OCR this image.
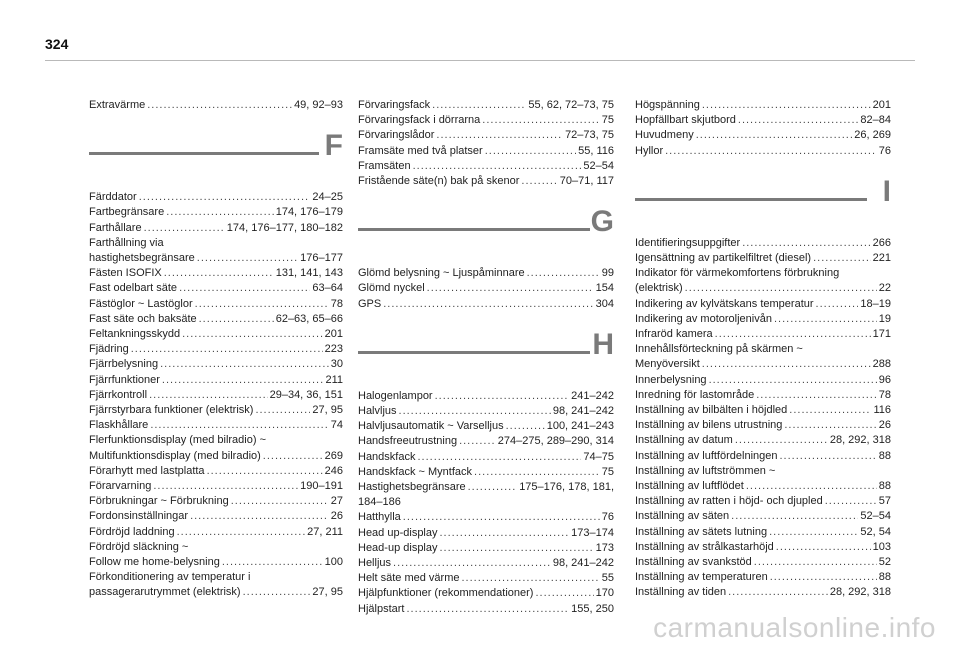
324
Extravärme .....	49, 92–93
F
Färddator .....	24–25
Fartbegränsare .....	174, 176–179
Farthållare .....	174, 176–177, 180–182
Farthållning via
hastighetsbegränsare .....	176–177
Fästen ISOFIX .....	131, 141, 143
Fast odelbart säte .....	63–64
Fästöglor ~ Lastöglor .....	78
Fast säte och baksäte .....	62–63, 65–66
Feltankningsskydd .....	201
Fjädring .....	223
Fjärrbelysning .....	30
Fjärrfunktioner .....	211
Fjärrkontroll .....	29–34, 36, 151
Fjärrstyrbara funktioner (elektrisk) .....	27, 95
Flaskhållare .....	74
Flerfunktionsdisplay (med bilradio) ~
Multifunktionsdisplay (med bilradio) .....	269
Förarhytt med lastplatta .....	246
Förarvarning .....	190–191
Förbrukningar ~ Förbrukning .....	27
Fordonsinställningar .....	26
Fördröjd laddning .....	27, 211
Fördröjd släckning ~
Follow me home-belysning .....	100
Förkonditionering av temperatur i
passagerarutrymmet (elektrisk) .....	27, 95
Förvaringsfack .....	55, 62, 72–73, 75
Förvaringsfack i dörrarna .....	75
Förvaringslådor .....	72–73, 75
Framsäte med två platser .....	55, 116
Framsäten .....	52–54
Fristående säte(n) bak på skenor .....	70–71, 117
G
Glömd belysning ~ Ljuspåminnare .....	99
Glömd nyckel .....	154
GPS .....	304
H
Halogenlampor .....	241–242
Halvljus .....	98, 241–242
Halvljusautomatik ~ Varselljus .....	100, 241–243
Handsfreeutrustning .....	274–275, 289–290, 314
Handskfack .....	74–75
Handskfack ~ Myntfack .....	75
Hastighetsbegränsare .....	175–176, 178, 181,
184–186
Hatthylla .....	76
Head up-display .....	173–174
Head-up display .....	173
Helljus .....	98, 241–242
Helt säte med värme .....	55
Hjälpfunktioner (rekommendationer) .....	170
Hjälpstart .....	155, 250
Högspänning .....	201
Hopfällbart skjutbord .....	82–84
Huvudmeny .....	26, 269
Hyllor .....	76
I
Identifieringsuppgifter .....	266
Igensättning av partikelfiltret (diesel) .....	221
Indikator för värmekomfortens förbrukning
(elektrisk) .....	22
Indikering av kylvätskans temperatur .....	18–19
Indikering av motoroljenivån .....	19
Infraröd kamera .....	171
Innehållsförteckning på skärmen ~
Menyöversikt .....	288
Innerbelysning .....	96
Inredning för lastområde .....	78
Inställning av bilbälten i höjdled .....	116
Inställning av bilens utrustning .....	26
Inställning av datum .....	28, 292, 318
Inställning av luftfördelningen .....	88
Inställning av luftströmmen ~
Inställning av luftflödet .....	88
Inställning av ratten i höjd- och djupled .....	57
Inställning av säten .....	52–54
Inställning av sätets lutning .....	52, 54
Inställning av strålkastarhöjd .....	103
Inställning av svankstöd .....	52
Inställning av temperaturen .....	88
Inställning av tiden .....	28, 292, 318
carmanualsonline.info
